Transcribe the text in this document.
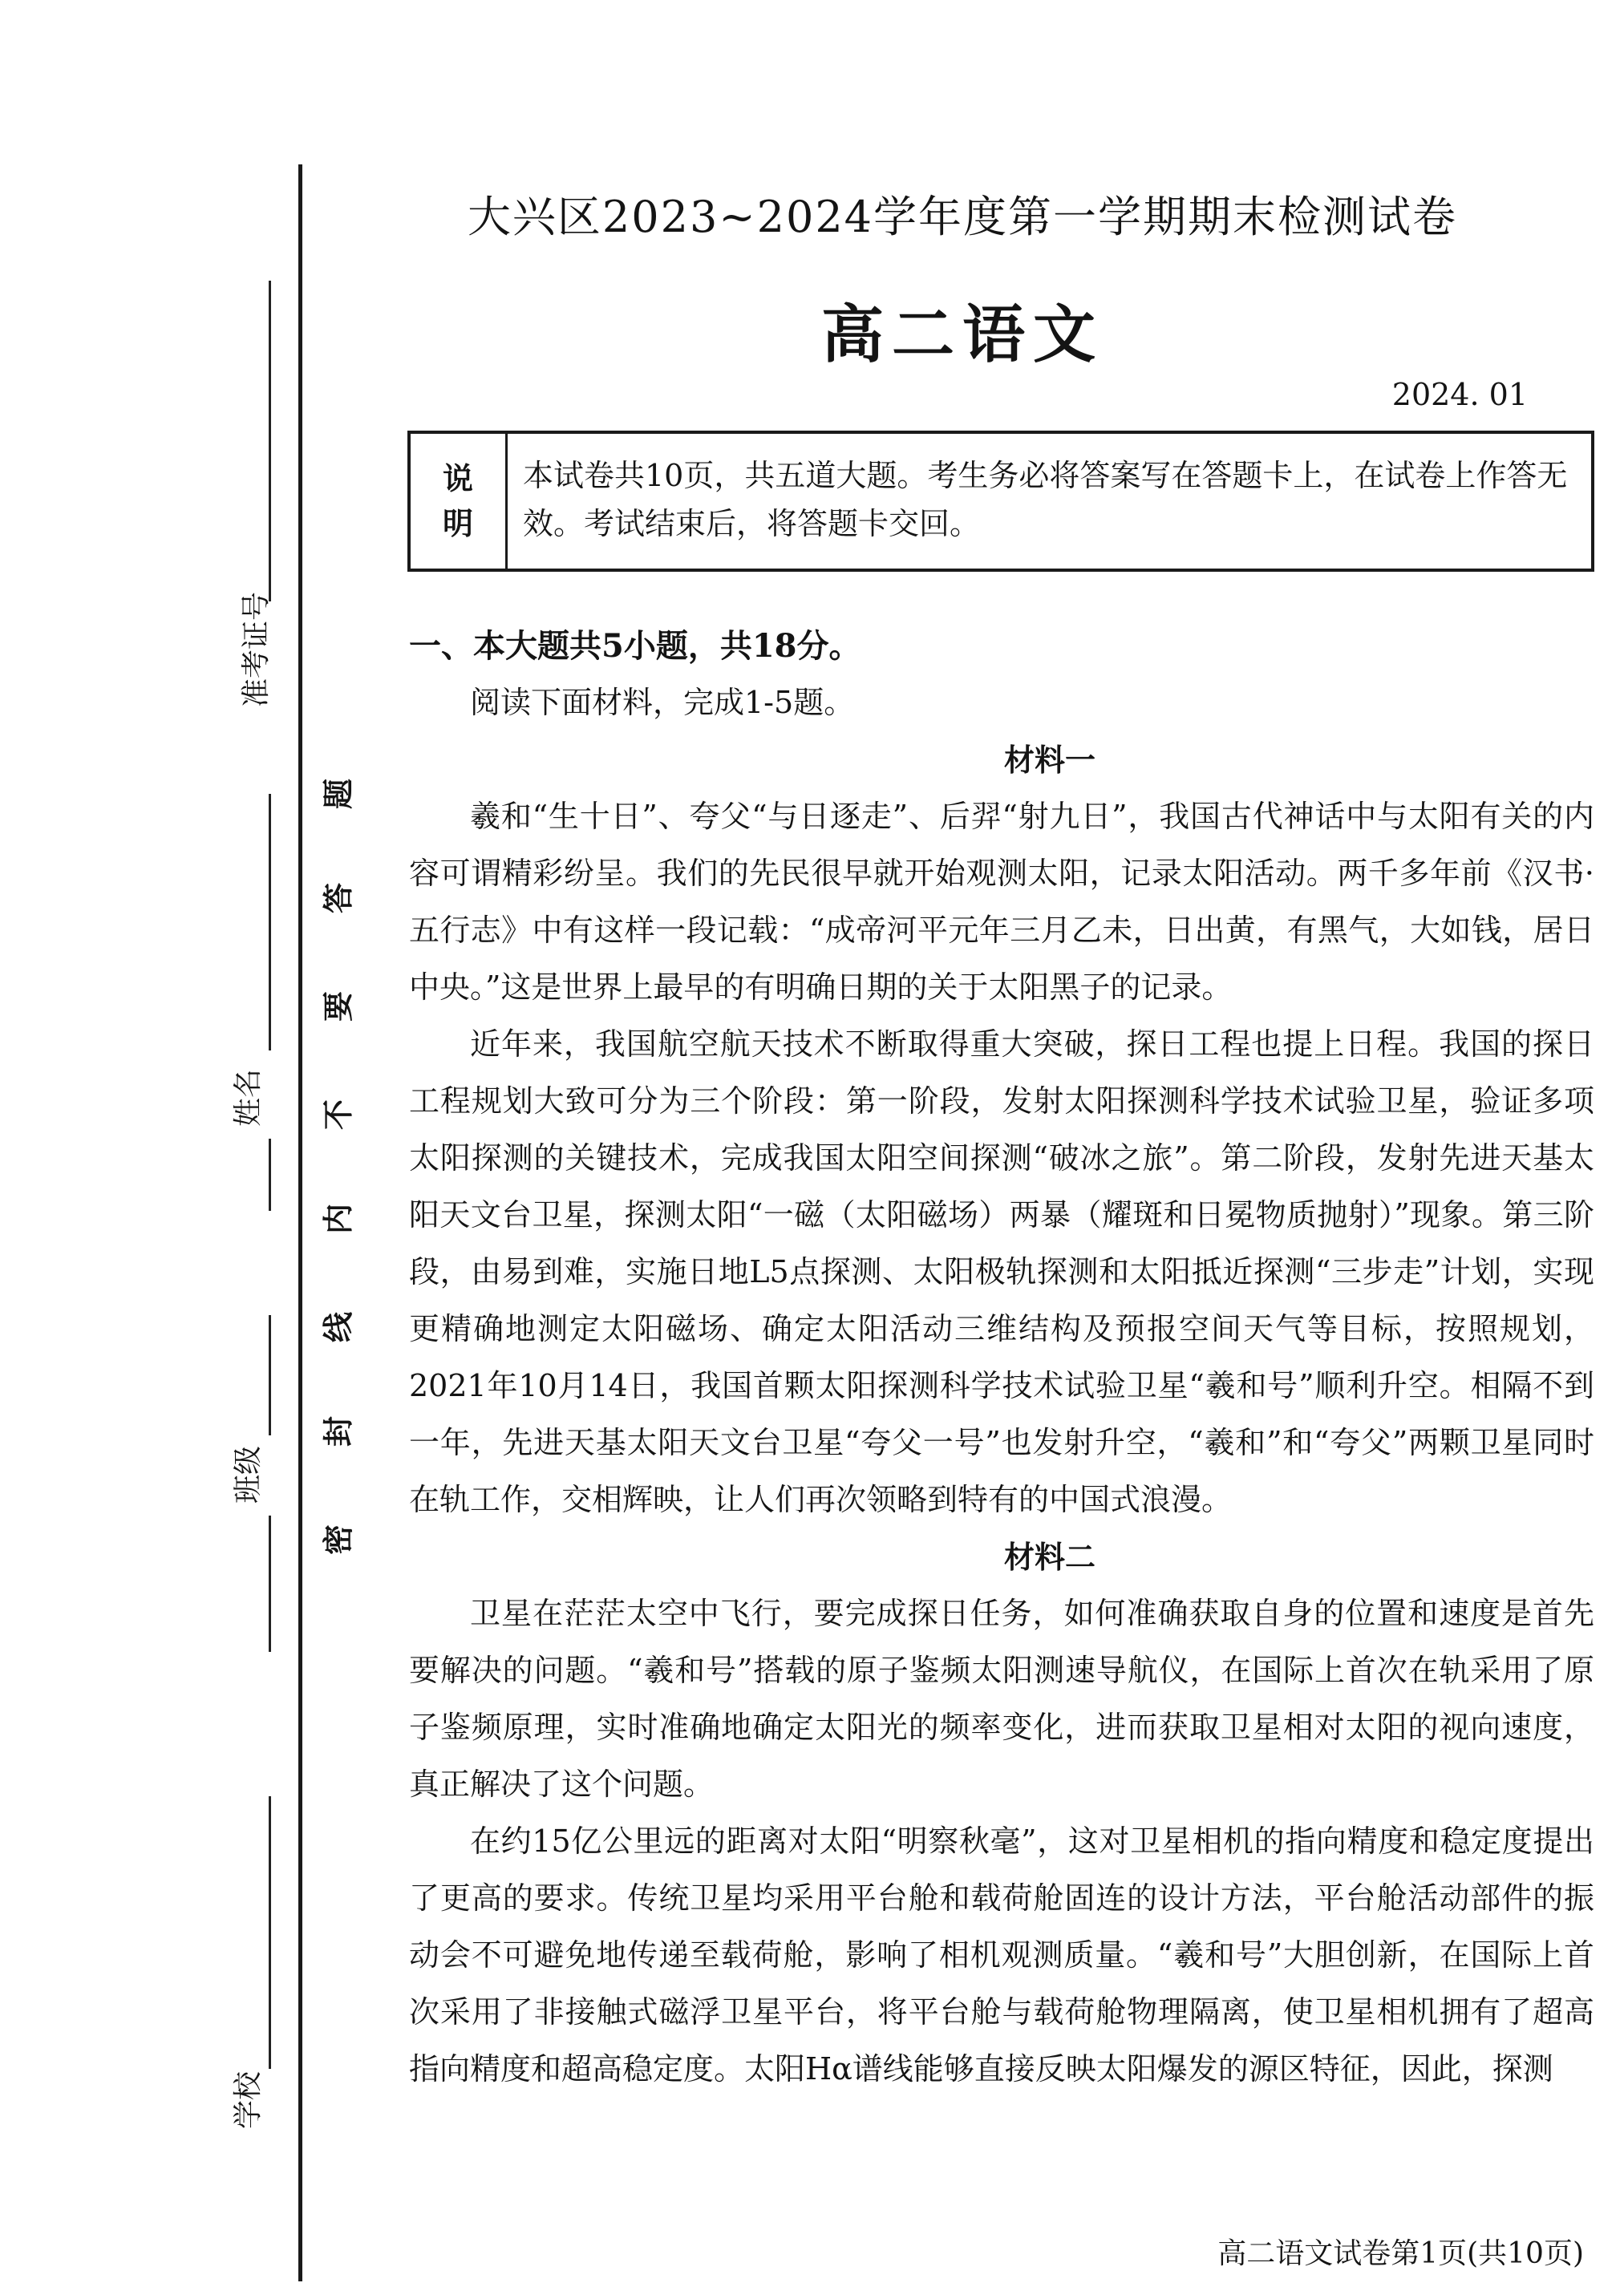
准考证号
姓名
班级
学校
题
答
要
不
内
线
封
密
大兴区2023~2024学年度第一学期期末检测试卷
高二语文
2024. 01
说
明
本试卷共10页，共五道大题。考生务必将答案写在答题卡上，在试卷上作答无效。考试结束后，将答题卡交回。

一、本大题共5小题，共18分。

阅读下面材料，完成1-5题。

材料一

羲和“生十日”、夸父“与日逐走”、后羿“射九日”，我国古代神话中与太阳有关的内容可谓精彩纷呈。我们的先民很早就开始观测太阳，记录太阳活动。两千多年前《汉书·五行志》中有这样一段记载：“成帝河平元年三月乙未，日出黄，有黑气，大如钱，居日中央。”这是世界上最早的有明确日期的关于太阳黑子的记录。

近年来，我国航空航天技术不断取得重大突破，探日工程也提上日程。我国的探日工程规划大致可分为三个阶段：第一阶段，发射太阳探测科学技术试验卫星，验证多项太阳探测的关键技术，完成我国太阳空间探测“破冰之旅”。第二阶段，发射先进天基太阳天文台卫星，探测太阳“一磁（太阳磁场）两暴（耀斑和日冕物质抛射）”现象。第三阶段，由易到难，实施日地L5点探测、太阳极轨探测和太阳抵近探测“三步走”计划，实现更精确地测定太阳磁场、确定太阳活动三维结构及预报空间天气等目标，按照规划，2021年10月14日，我国首颗太阳探测科学技术试验卫星“羲和号”顺利升空。相隔不到一年，先进天基太阳天文台卫星“夸父一号”也发射升空，“羲和”和“夸父”两颗卫星同时在轨工作，交相辉映，让人们再次领略到特有的中国式浪漫。

材料二

卫星在茫茫太空中飞行，要完成探日任务，如何准确获取自身的位置和速度是首先要解决的问题。“羲和号”搭载的原子鉴频太阳测速导航仪，在国际上首次在轨采用了原子鉴频原理，实时准确地确定太阳光的频率变化，进而获取卫星相对太阳的视向速度，真正解决了这个问题。

在约15亿公里远的距离对太阳“明察秋毫”，这对卫星相机的指向精度和稳定度提出了更高的要求。传统卫星均采用平台舱和载荷舱固连的设计方法，平台舱活动部件的振动会不可避免地传递至载荷舱，影响了相机观测质量。“羲和号”大胆创新，在国际上首次采用了非接触式磁浮卫星平台，将平台舱与载荷舱物理隔离，使卫星相机拥有了超高指向精度和超高稳定度。太阳Hα谱线能够直接反映太阳爆发的源区特征，因此，探测

高二语文试卷第1页(共10页)
